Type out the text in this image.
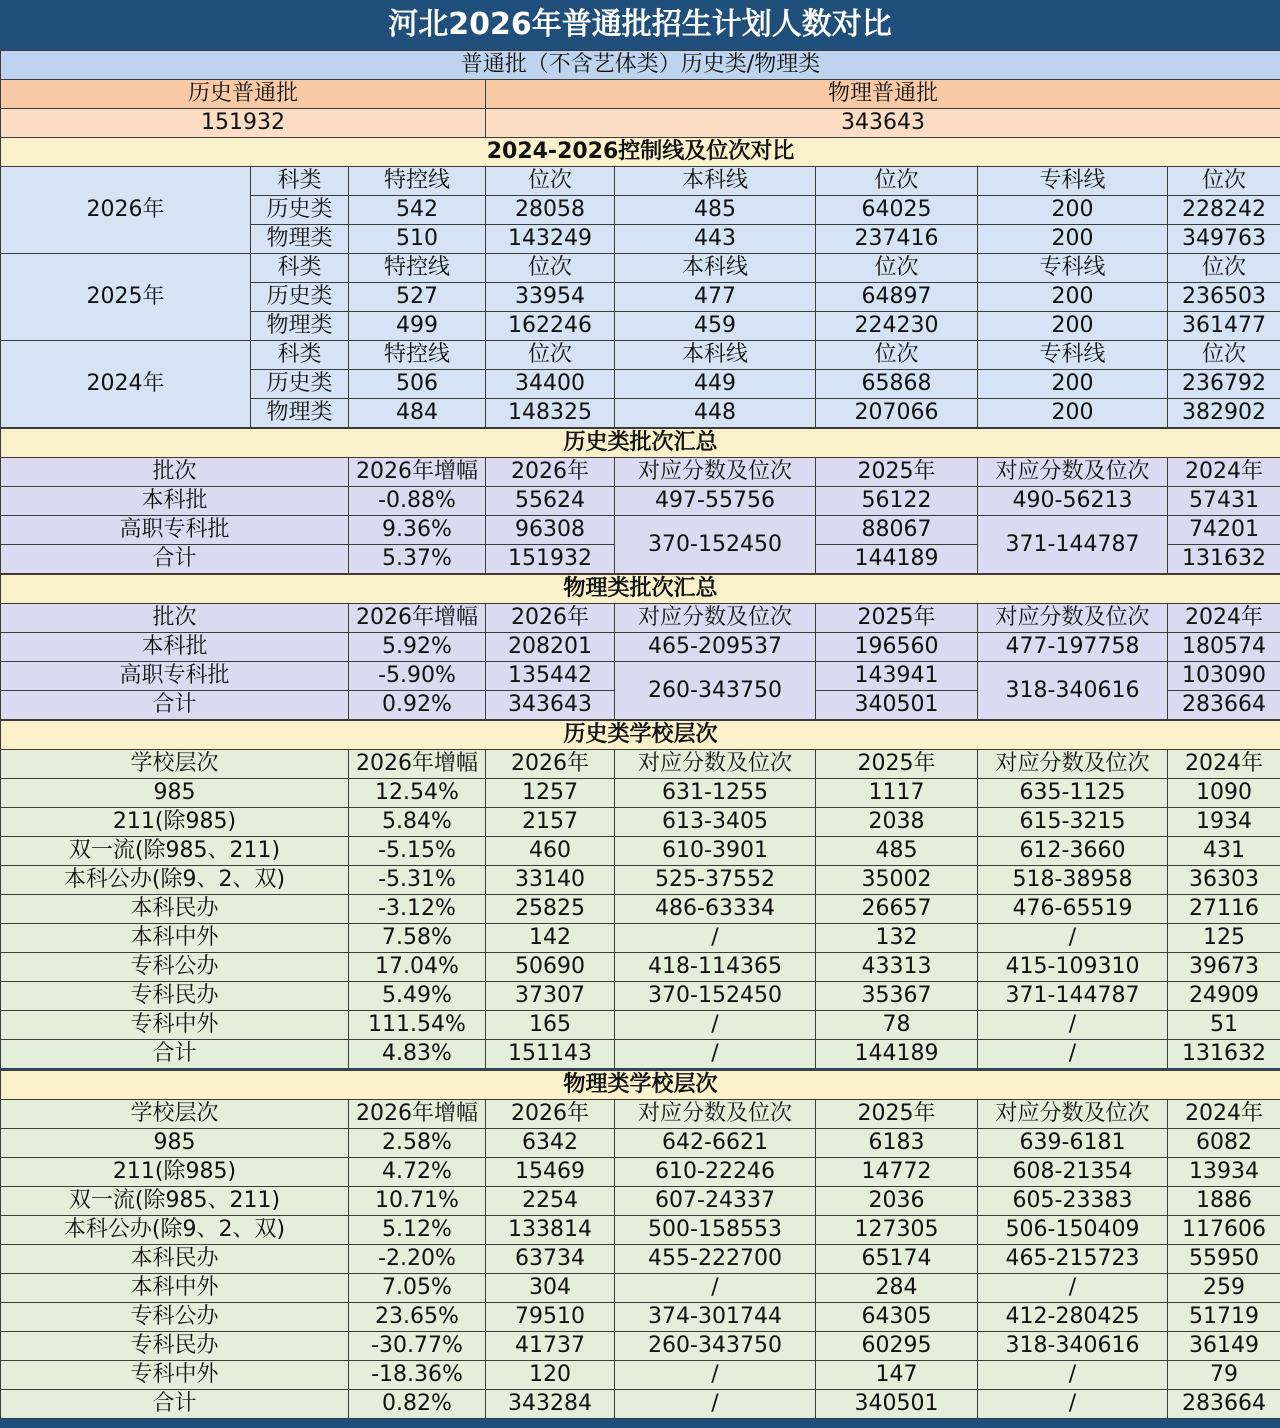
河北2026年普通批招生计划人数对比
普通批（不含艺体类）历史类/物理类	
历史普通批	物理普通批
151932	343643
2024-2026控制线及位次对比	
2026年	科类	特控线	位次	本科线	位次	专科线	位次
	历史类	542	28058	485	64025	200	228242
	物理类	510	143249	443	237416	200	349763
2025年	科类	特控线	位次	本科线	位次	专科线	位次
	历史类	527	33954	477	64897	200	236503
	物理类	499	162246	459	224230	200	361477
2024年	科类	特控线	位次	本科线	位次	专科线	位次
	历史类	506	34400	449	65868	200	236792
	物理类	484	148325	448	207066	200	382902
历史类批次汇总						
批次	2026年增幅	2026年	对应分数及位次	2025年	对应分数及位次	2024年
本科批	-0.88%	55624	497-55756	56122	490-56213	57431
高职专科批	9.36%	96308	370-152450	88067	371-144787	74201
合计	5.37%	151932		144189		131632
物理类批次汇总						
批次	2026年增幅	2026年	对应分数及位次	2025年	对应分数及位次	2024年
本科批	5.92%	208201	465-209537	196560	477-197758	180574
高职专科批	-5.90%	135442	260-343750	143941	318-340616	103090
合计	0.92%	343643		340501		283664
历史类学校层次						
学校层次	2026年增幅	2026年	对应分数及位次	2025年	对应分数及位次	2024年
985	12.54%	1257	631-1255	1117	635-1125	1090
211(除985)	5.84%	2157	613-3405	2038	615-3215	1934
双一流(除985、211)	-5.15%	460	610-3901	485	612-3660	431
本科公办(除9、2、双)	-5.31%	33140	525-37552	35002	518-38958	36303
本科民办	-3.12%	25825	486-63334	26657	476-65519	27116
本科中外	7.58%	142	/	132	/	125
专科公办	17.04%	50690	418-114365	43313	415-109310	39673
专科民办	5.49%	37307	370-152450	35367	371-144787	24909
专科中外	111.54%	165	/	78	/	51
合计	4.83%	151143	/	144189	/	131632
物理类学校层次						
学校层次	2026年增幅	2026年	对应分数及位次	2025年	对应分数及位次	2024年
985	2.58%	6342	642-6621	6183	639-6181	6082
211(除985)	4.72%	15469	610-22246	14772	608-21354	13934
双一流(除985、211)	10.71%	2254	607-24337	2036	605-23383	1886
本科公办(除9、2、双)	5.12%	133814	500-158553	127305	506-150409	117606
本科民办	-2.20%	63734	455-222700	65174	465-215723	55950
本科中外	7.05%	304	/	284	/	259
专科公办	23.65%	79510	374-301744	64305	412-280425	51719
专科民办	-30.77%	41737	260-343750	60295	318-340616	36149
专科中外	-18.36%	120	/	147	/	79
合计	0.82%	343284	/	340501	/	283664
